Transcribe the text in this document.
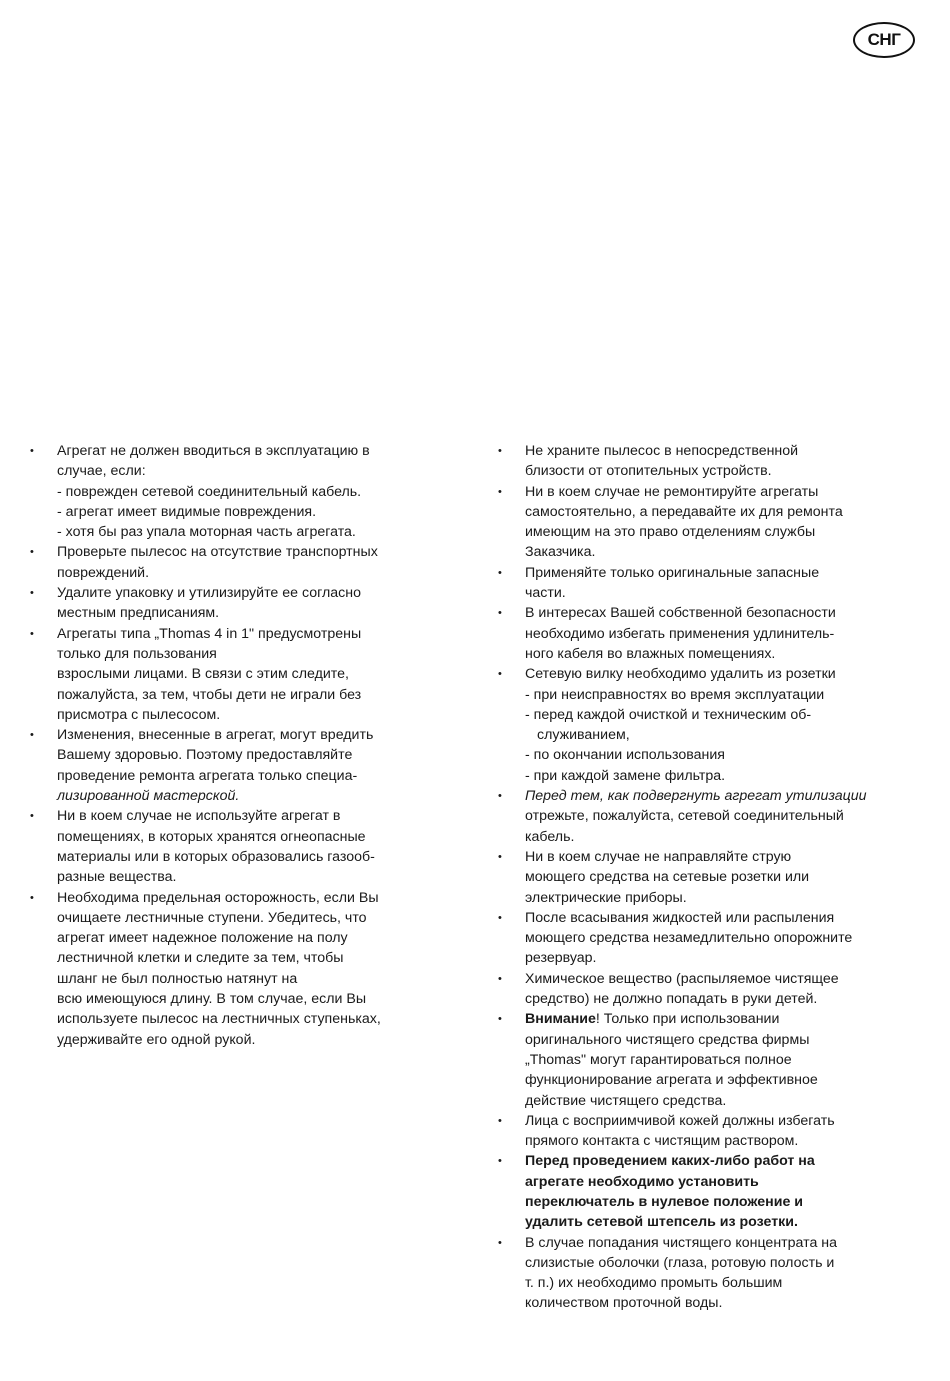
СНГ
• Агрегат не должен вводиться в эксплуатацию в
случае, если:
- поврежден сетевой соединительный кабель.
- агрегат имеет видимые повреждения.
- хотя бы раз упала моторная часть агрегата.
• Проверьте пылесос на отсутствие транспортных
повреждений.
• Удалите упаковку и утилизируйте ее согласно
местным предписаниям.
• Агрегаты типа „Thomas 4 in 1" предусмотрены
только для пользования
взрослыми лицами. В связи с этим следите,
пожалуйста, за тем, чтобы дети не играли без
присмотра с пылесосом.
• Изменения, внесенные в агрегат, могут вредить
Вашему здоровью. Поэтому предоставляйте
проведение ремонта агрегата только специа-
лизированной мастерской.
• Ни в коем случае не используйте агрегат в
помещениях, в которых хранятся огнеопасные
материалы или в которых образовались газооб-
разные вещества.
• Необходима предельная осторожность, если Вы
очищаете лестничные ступени. Убедитесь, что
агрегат имеет надежное положение на полу
лестничной клетки и следите за тем, чтобы
шланг не был полностью натянут на
всю имеющуюся длину. В том случае, если Вы
используете пылесос на лестничных ступеньках,
удерживайте его одной рукой.
• Не храните пылесос в непосредственной
близости от отопительных устройств.
• Ни в коем случае не ремонтируйте агрегаты
самостоятельно, а передавайте их для ремонта
имеющим на это право отделениям службы
Заказчика.
• Применяйте только оригинальные запасные
части.
• В интересах Вашей собственной безопасности
необходимо избегать применения удлинитель-
ного кабеля во влажных помещениях.
• Сетевую вилку необходимо удалить из розетки
- при неисправностях во время эксплуатации
- перед каждой очисткой и техническим об-
служиванием,
- по окончании использования
- при каждой замене фильтра.
• Перед тем, как подвергнуть агрегат утилизации
отрежьте, пожалуйста, сетевой соединительный
кабель.
• Ни в коем случае не направляйте струю
моющего средства на сетевые розетки или
электрические приборы.
• После всасывания жидкостей или распыления
моющего средства незамедлительно опорожните
резервуар.
• Химическое вещество (распыляемое чистящее
средство) не должно попадать в руки детей.
• Внимание! Только при использовании
оригинального чистящего средства фирмы
„Thomas" могут гарантироваться полное
функционирование агрегата и эффективное
действие чистящего средства.
• Лица с восприимчивой кожей должны избегать
прямого контакта с чистящим раствором.
• Перед проведением каких-либо работ на
агрегате необходимо установить
переключатель в нулевое положение и
удалить сетевой штепсель из розетки.
• В случае попадания чистящего концентрата на
слизистые оболочки (глаза, ротовую полость и
т. п.) их необходимо промыть большим
количеством проточной воды.
